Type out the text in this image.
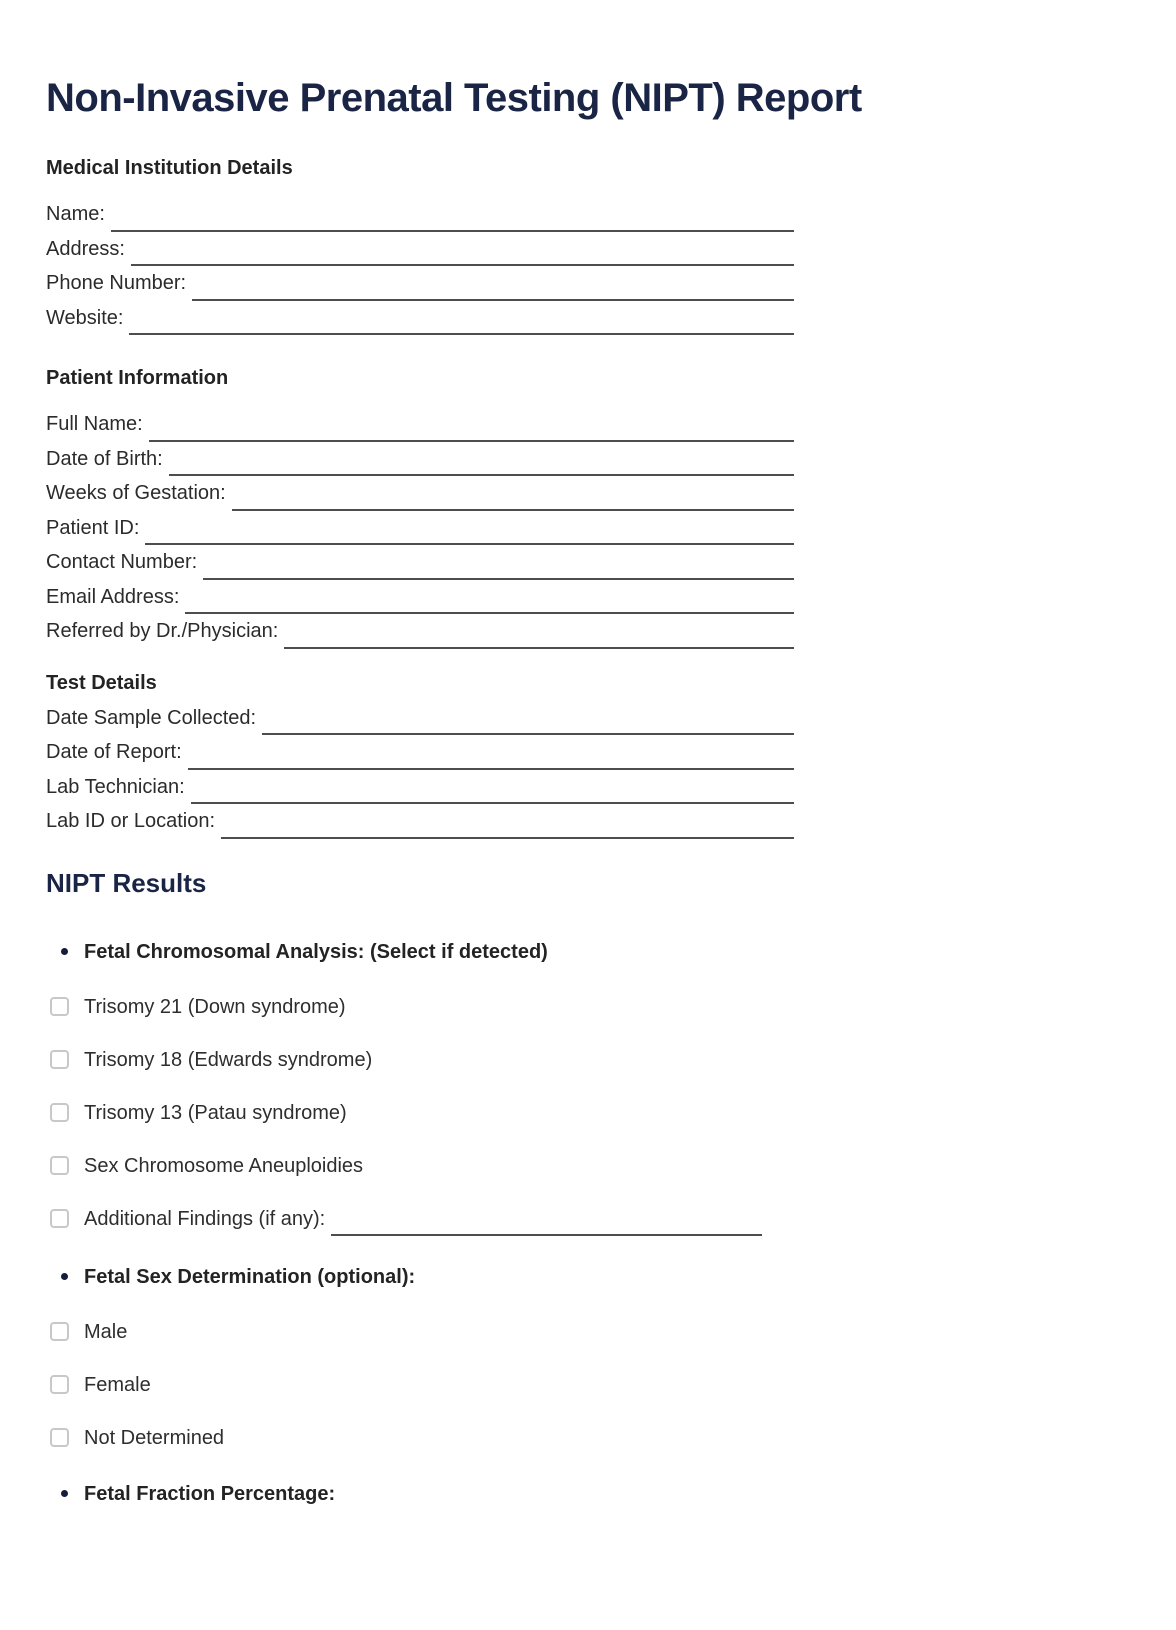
Non-Invasive Prenatal Testing (NIPT) Report
Medical Institution Details
Name:
Address:
Phone Number:
Website:
Patient Information
Full Name:
Date of Birth:
Weeks of Gestation:
Patient ID:
Contact Number:
Email Address:
Referred by Dr./Physician:
Test Details
Date Sample Collected:
Date of Report:
Lab Technician:
Lab ID or Location:
NIPT Results
Fetal Chromosomal Analysis: (Select if detected)
Trisomy 21 (Down syndrome)
Trisomy 18 (Edwards syndrome)
Trisomy 13 (Patau syndrome)
Sex Chromosome Aneuploidies
Additional Findings (if any):
Fetal Sex Determination (optional):
Male
Female
Not Determined
Fetal Fraction Percentage:
